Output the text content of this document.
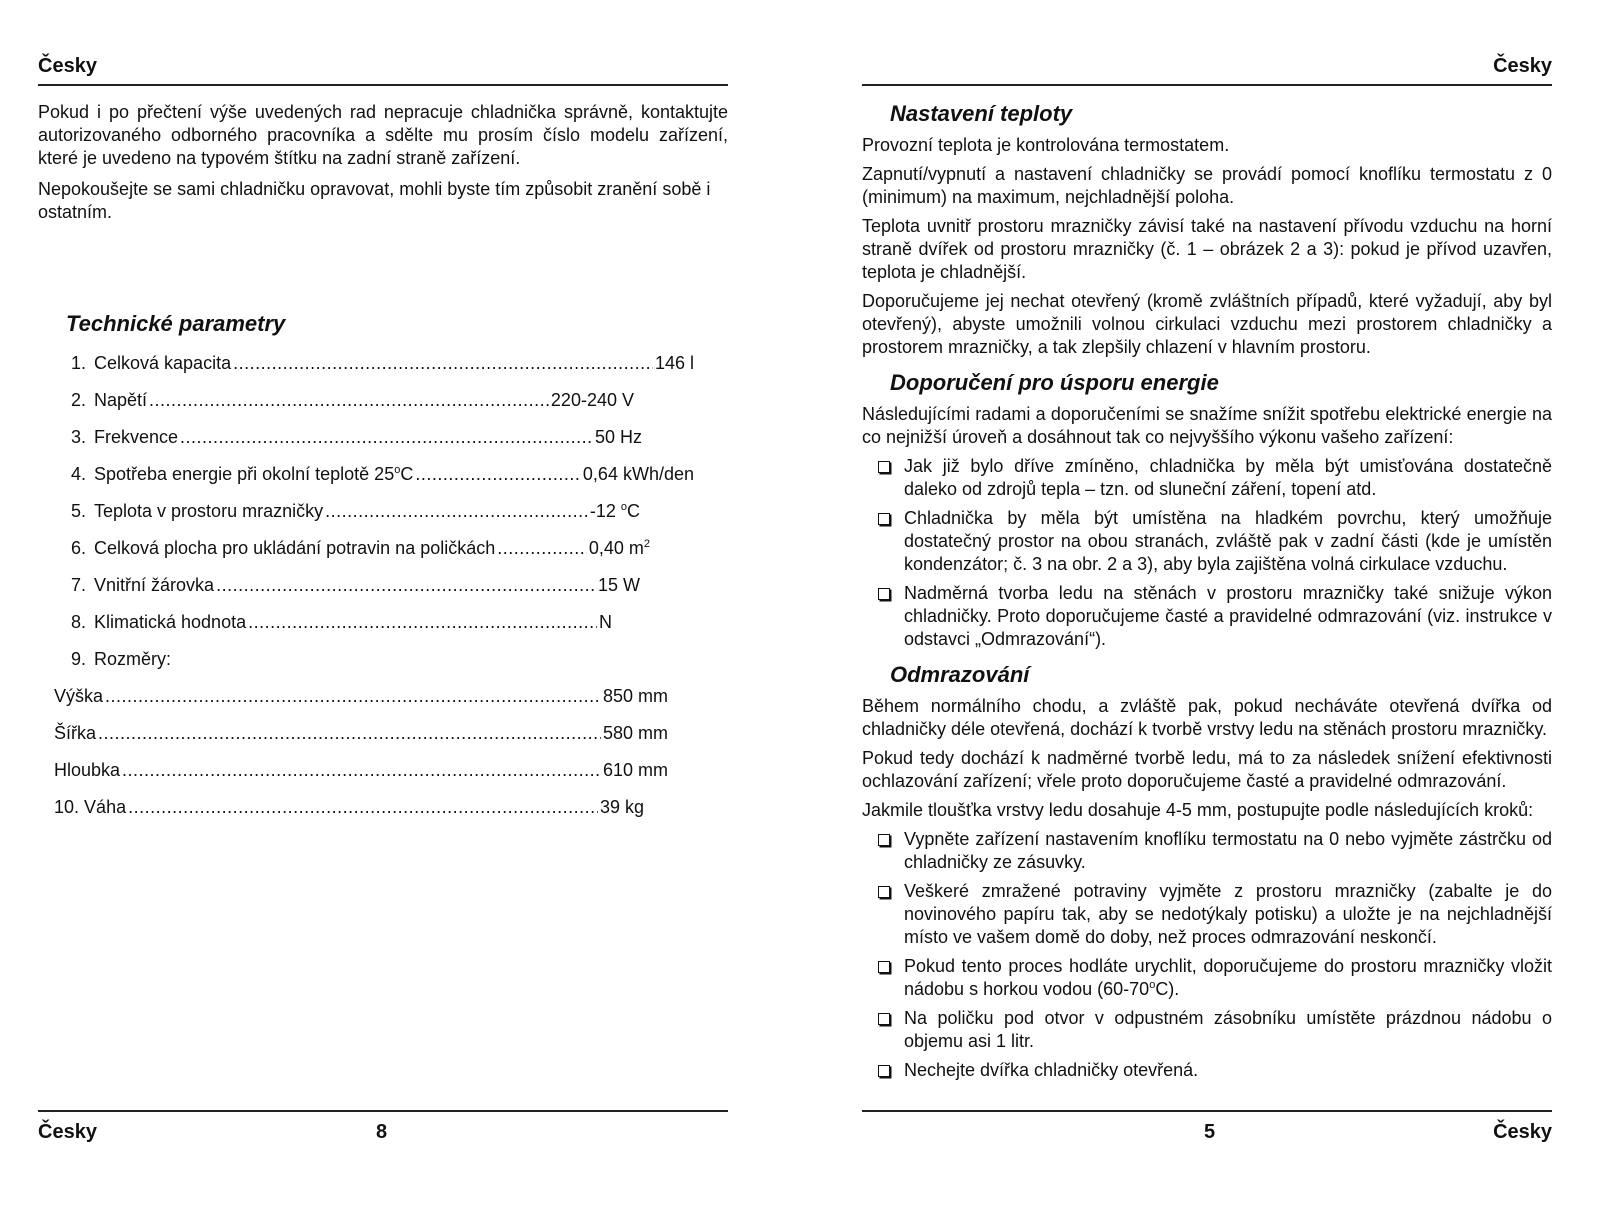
Česky

Pokud i po přečtení výše uvedených rad nepracuje chladnička správně, kontaktujte autorizovaného odborného pracovníka a sdělte mu prosím číslo modelu zařízení, které je uvedeno na typovém štítku na zadní straně zařízení.

Nepokoušejte se sami chladničku opravovat, mohli byste tím způsobit zranění sobě i ostatním.

Technické parametry
1. Celková kapacita .....	146 l
2. Napětí .....	220-240 V
3. Frekvence .....	50 Hz
4. Spotřeba energie při okolní teplotě 25$^o$C .....	0,64 kWh/den
5. Teplota v prostoru mrazničky .....	-12 $^o$C
6. Celková plocha pro ukládání potravin na poličkách .....	0,40 $m^2$
7. Vnitřní žárovka .....	15 W
8. Klimatická hodnota .....	N
9. Rozměry:
Výška .....	850 mm
Šířka .....	580 mm
Hloubka .....	610 mm
10. Váha .....	39 kg
Česky	8
Česky
Nastavení teploty

Provozní teplota je kontrolována termostatem.

Zapnutí/vypnutí a nastavení chladničky se provádí pomocí knoflíku termostatu z 0 (minimum) na maximum, nejchladnější poloha.

Teplota uvnitř prostoru mrazničky závisí také na nastavení přívodu vzduchu na horní straně dvířek od prostoru mrazničky (č. 1 – obrázek 2 a 3): pokud je přívod uzavřen, teplota je chladnější.

Doporučujeme jej nechat otevřený (kromě zvláštních případů, které vyžadují, aby byl otevřený), abyste umožnili volnou cirkulaci vzduchu mezi prostorem chladničky a prostorem mrazničky, a tak zlepšily chlazení v hlavním prostoru.

Doporučení pro úsporu energie

Následujícími radami a doporučeními se snažíme snížit spotřebu elektrické energie na co nejnižší úroveň a dosáhnout tak co nejvyššího výkonu vašeho zařízení:

Jak již bylo dříve zmíněno, chladnička by měla být umisťována dostatečně daleko od zdrojů tepla – tzn. od sluneční záření, topení atd.
Chladnička by měla být umístěna na hladkém povrchu, který umožňuje dostatečný prostor na obou stranách, zvláště pak v zadní části (kde je umístěn kondenzátor; č. 3 na obr. 2 a 3), aby byla zajištěna volná cirkulace vzduchu.
Nadměrná tvorba ledu na stěnách v prostoru mrazničky také snižuje výkon chladničky. Proto doporučujeme časté a pravidelné odmrazování (viz. instrukce v odstavci „Odmrazování“).
Odmrazování

Během normálního chodu, a zvláště pak, pokud necháváte otevřená dvířka od chladničky déle otevřená, dochází k tvorbě vrstvy ledu na stěnách prostoru mrazničky.

Pokud tedy dochází k nadměrné tvorbě ledu, má to za následek snížení efektivnosti ochlazování zařízení; vřele proto doporučujeme časté a pravidelné odmrazování.

Jakmile tloušťka vrstvy ledu dosahuje 4-5 mm, postupujte podle následujících kroků:

Vypněte zařízení nastavením knoflíku termostatu na 0 nebo vyjměte zástrčku od chladničky ze zásuvky.
Veškeré zmražené potraviny vyjměte z prostoru mrazničky (zabalte je do novinového papíru tak, aby se nedotýkaly potisku) a uložte je na nejchladnější místo ve vašem domě do doby, než proces odmrazování neskončí.
Pokud tento proces hodláte urychlit, doporučujeme do prostoru mrazničky vložit nádobu s horkou vodou (60-70$^o$C).
Na poličku pod otvor v odpustném zásobníku umístěte prázdnou nádobu o objemu asi 1 litr.
Nechejte dvířka chladničky otevřená.
5	Česky
